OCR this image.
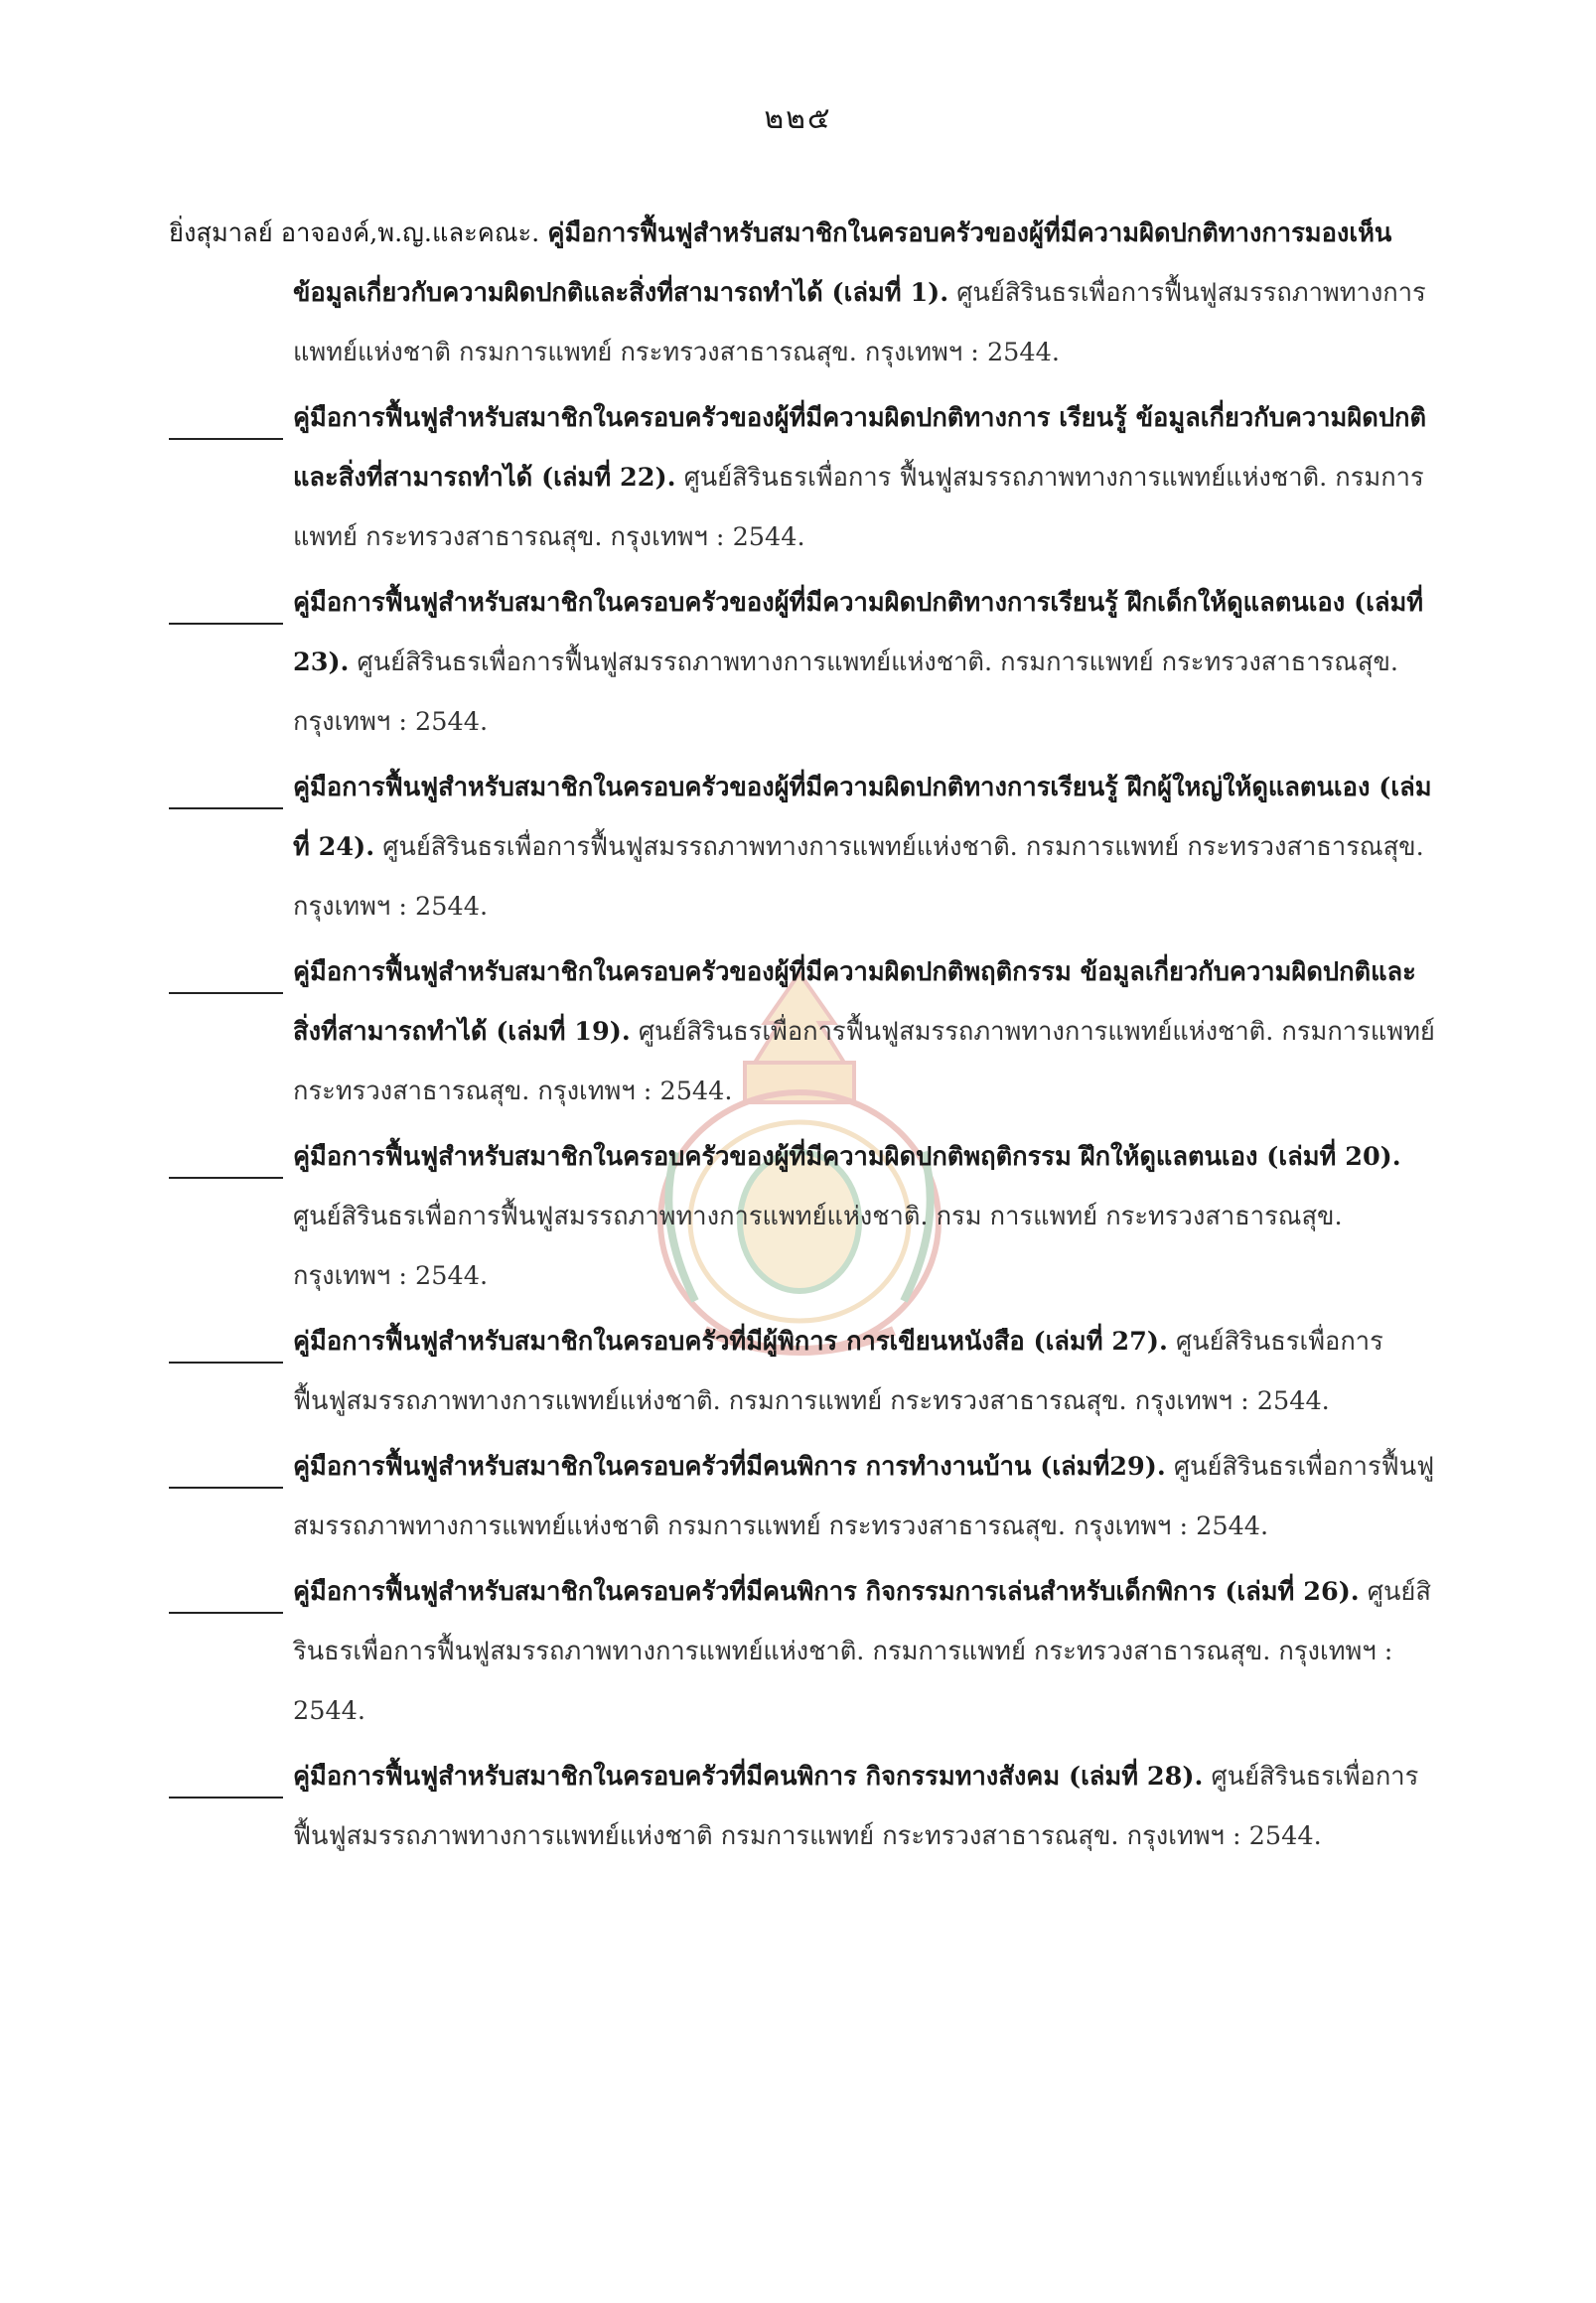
๒๒๕
ยิ่งสุมาลย์ อาจองค์,พ.ญ.และคณะ. คู่มือการฟื้นฟูสำหรับสมาชิกในครอบครัวของผู้ที่มีความผิดปกติทางการมองเห็น ข้อมูลเกี่ยวกับความผิดปกติและสิ่งที่สามารถทำได้ (เล่มที่ 1). ศูนย์สิรินธรเพื่อการฟื้นฟูสมรรถภาพทางการแพทย์แห่งชาติ กรมการแพทย์ กระทรวงสาธารณสุข. กรุงเทพฯ : 2544.
คู่มือการฟื้นฟูสำหรับสมาชิกในครอบครัวของผู้ที่มีความผิดปกติทางการ เรียนรู้ ข้อมูลเกี่ยวกับความผิดปกติและสิ่งที่สามารถทำได้ (เล่มที่ 22). ศูนย์สิรินธรเพื่อการ ฟื้นฟูสมรรถภาพทางการแพทย์แห่งชาติ. กรมการแพทย์ กระทรวงสาธารณสุข. กรุงเทพฯ : 2544.
คู่มือการฟื้นฟูสำหรับสมาชิกในครอบครัวของผู้ที่มีความผิดปกติทางการเรียนรู้ ฝึกเด็กให้ดูแลตนเอง (เล่มที่ 23). ศูนย์สิรินธรเพื่อการฟื้นฟูสมรรถภาพทางการแพทย์แห่งชาติ. กรมการแพทย์ กระทรวงสาธารณสุข. กรุงเทพฯ : 2544.
คู่มือการฟื้นฟูสำหรับสมาชิกในครอบครัวของผู้ที่มีความผิดปกติทางการเรียนรู้ ฝึกผู้ใหญ่ให้ดูแลตนเอง (เล่มที่ 24). ศูนย์สิรินธรเพื่อการฟื้นฟูสมรรถภาพทางการแพทย์แห่งชาติ. กรมการแพทย์ กระทรวงสาธารณสุข. กรุงเทพฯ : 2544.
คู่มือการฟื้นฟูสำหรับสมาชิกในครอบครัวของผู้ที่มีความผิดปกติพฤติกรรม ข้อมูลเกี่ยวกับความผิดปกติและสิ่งที่สามารถทำได้ (เล่มที่ 19). ศูนย์สิรินธรเพื่อการฟื้นฟูสมรรถภาพทางการแพทย์แห่งชาติ. กรมการแพทย์ กระทรวงสาธารณสุข. กรุงเทพฯ : 2544.
คู่มือการฟื้นฟูสำหรับสมาชิกในครอบครัวของผู้ที่มีความผิดปกติพฤติกรรม ฝึกให้ดูแลตนเอง (เล่มที่ 20). ศูนย์สิรินธรเพื่อการฟื้นฟูสมรรถภาพทางการแพทย์แห่งชาติ. กรม การแพทย์ กระทรวงสาธารณสุข. กรุงเทพฯ : 2544.
คู่มือการฟื้นฟูสำหรับสมาชิกในครอบครัวที่มีผู้พิการ การเขียนหนังสือ (เล่มที่ 27). ศูนย์สิรินธรเพื่อการฟื้นฟูสมรรถภาพทางการแพทย์แห่งชาติ. กรมการแพทย์ กระทรวงสาธารณสุข. กรุงเทพฯ : 2544.
คู่มือการฟื้นฟูสำหรับสมาชิกในครอบครัวที่มีคนพิการ การทำงานบ้าน (เล่มที่29). ศูนย์สิรินธรเพื่อการฟื้นฟูสมรรถภาพทางการแพทย์แห่งชาติ กรมการแพทย์ กระทรวงสาธารณสุข. กรุงเทพฯ : 2544.
คู่มือการฟื้นฟูสำหรับสมาชิกในครอบครัวที่มีคนพิการ กิจกรรมการเล่นสำหรับเด็กพิการ (เล่มที่ 26). ศูนย์สิรินธรเพื่อการฟื้นฟูสมรรถภาพทางการแพทย์แห่งชาติ. กรมการแพทย์ กระทรวงสาธารณสุข. กรุงเทพฯ : 2544.
คู่มือการฟื้นฟูสำหรับสมาชิกในครอบครัวที่มีคนพิการ กิจกรรมทางสังคม (เล่มที่ 28). ศูนย์สิรินธรเพื่อการฟื้นฟูสมรรถภาพทางการแพทย์แห่งชาติ กรมการแพทย์ กระทรวงสาธารณสุข. กรุงเทพฯ : 2544.
